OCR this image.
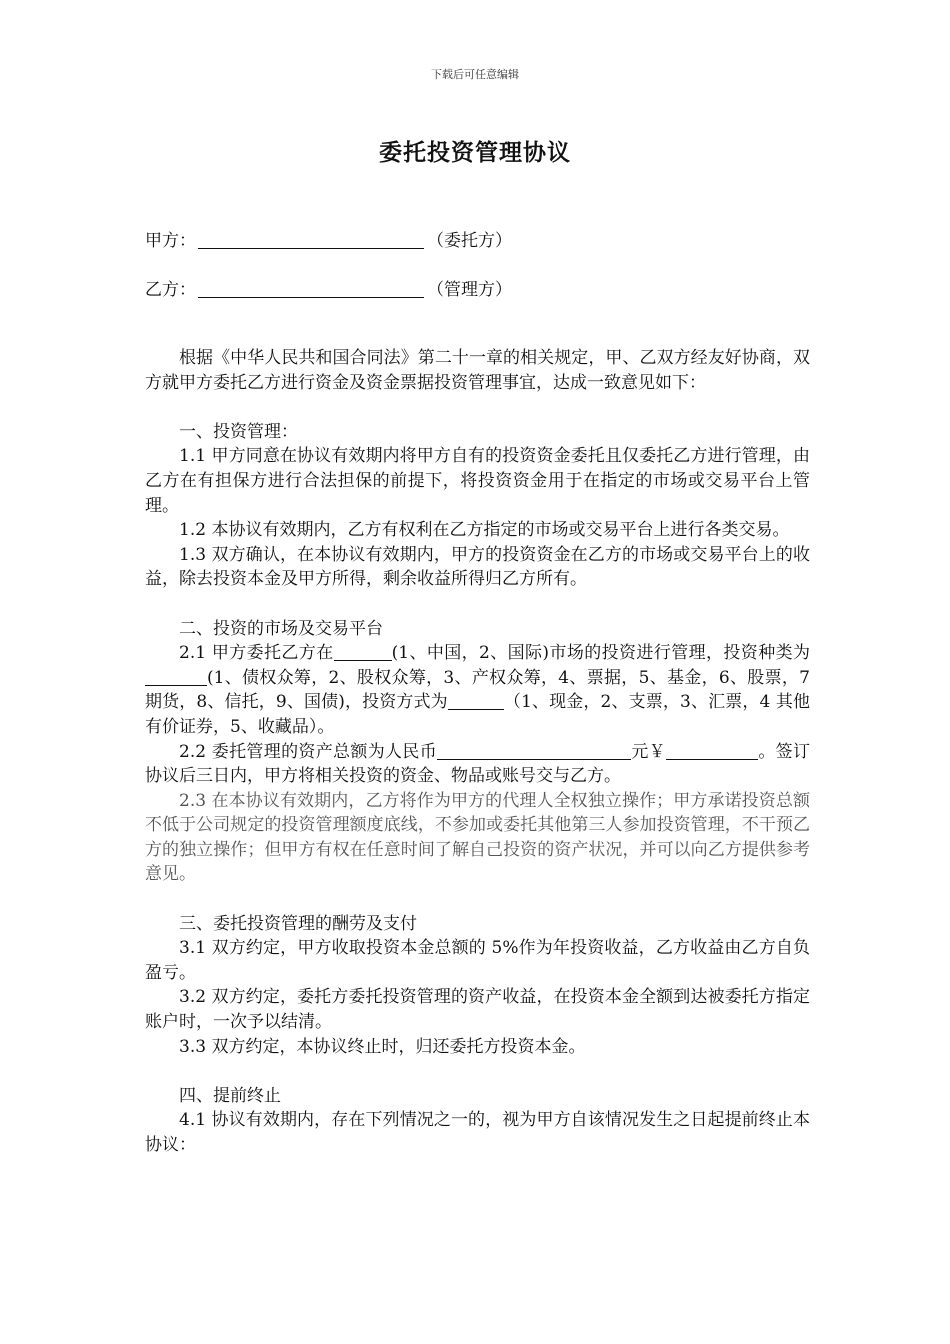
下载后可任意编辑
委托投资管理协议
甲方：	（委托方）
乙方：	（管理方）

根据《中华人民共和国合同法》第二十一章的相关规定，甲、乙双方经友好协商，双方就甲方委托乙方进行资金及资金票据投资管理事宜，达成一致意见如下：

一、投资管理：

1.1 甲方同意在协议有效期内将甲方自有的投资资金委托且仅委托乙方进行管理，由乙方在有担保方进行合法担保的前提下，将投资资金用于在指定的市场或交易平台上管理。

1.2 本协议有效期内，乙方有权利在乙方指定的市场或交易平台上进行各类交易。

1.3 双方确认，在本协议有效期内，甲方的投资资金在乙方的市场或交易平台上的收益，除去投资本金及甲方所得，剩余收益所得归乙方所有。

二、投资的市场及交易平台

2.1 甲方委托乙方在	(1、中国，2、国际)市场的投资进行管理，投资种类为(1、债权众筹，2、股权众筹，3、产权众筹，4、票据，5、基金，6、股票，7 期货，8、信托，9、国债)，投资方式为	（1、现金，2、支票，3、汇票，4 其他有价证券，5、收藏品）。

2.2 委托管理的资产总额为人民币	元￥	。签订协议后三日内，甲方将相关投资的资金、物品或账号交与乙方。

2.3 在本协议有效期内，乙方将作为甲方的代理人全权独立操作；甲方承诺投资总额不低于公司规定的投资管理额度底线，不参加或委托其他第三人参加投资管理，不干预乙方的独立操作；但甲方有权在任意时间了解自己投资的资产状况，并可以向乙方提供参考意见。

三、委托投资管理的酬劳及支付

3.1 双方约定，甲方收取投资本金总额的 5%作为年投资收益，乙方收益由乙方自负盈亏。

3.2 双方约定，委托方委托投资管理的资产收益，在投资本金全额到达被委托方指定账户时，一次予以结清。

3.3 双方约定，本协议终止时，归还委托方投资本金。

四、提前终止

4.1 协议有效期内，存在下列情况之一的，视为甲方自该情况发生之日起提前终止本协议：
